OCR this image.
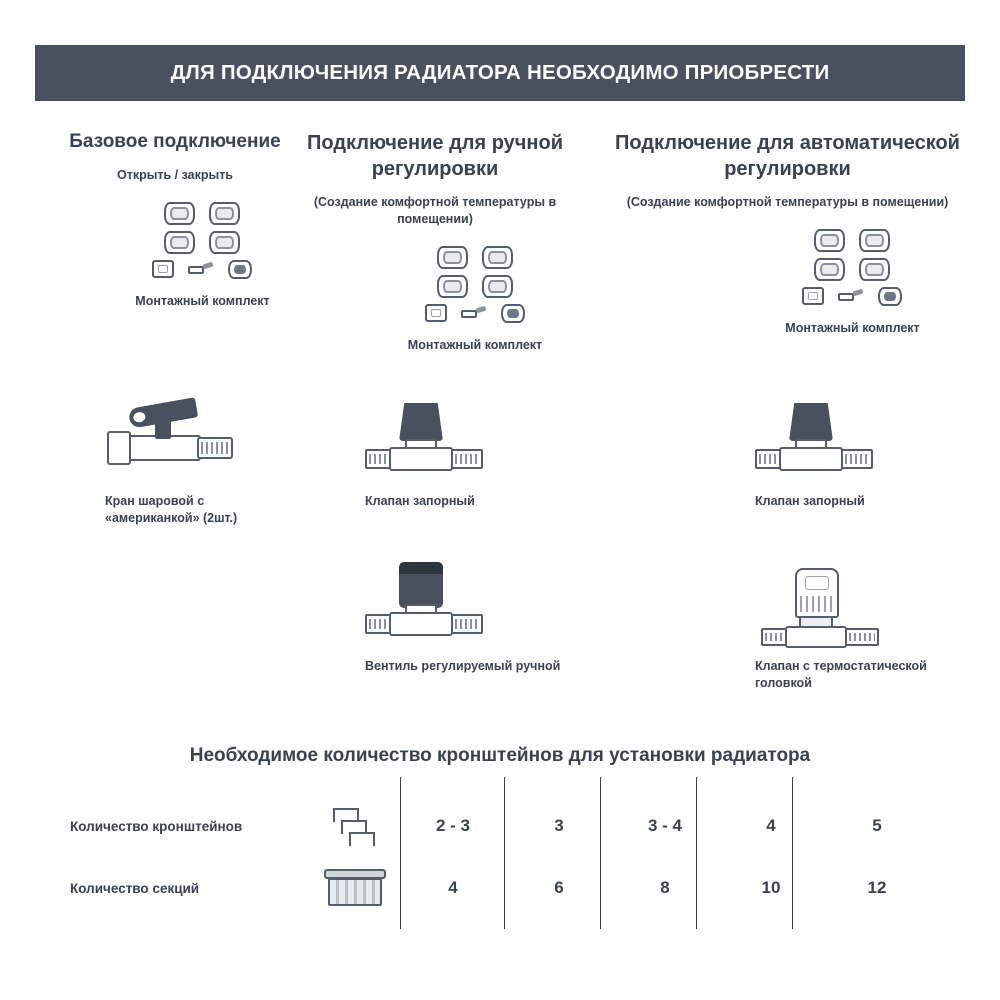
ДЛЯ ПОДКЛЮЧЕНИЯ РАДИАТОРА НЕОБХОДИМО ПРИОБРЕСТИ
Базовое подключение
Открыть / закрыть
Монтажный комплект
Кран шаровой с «американкой» (2шт.)
Подключение для ручной регулировки
(Создание комфортной температуры в помещении)
Монтажный комплект
Клапан запорный
Вентиль регулируемый ручной
Подключение для автоматической регулировки
(Создание комфортной температуры в помещении)
Монтажный комплект
Клапан запорный
Клапан с термостатической головкой
Необходимое количество кронштейнов для установки радиатора
Количество кронштейнов	2 - 3	3	3 - 4	4	5
Количество секций	4	6	8	10	12
